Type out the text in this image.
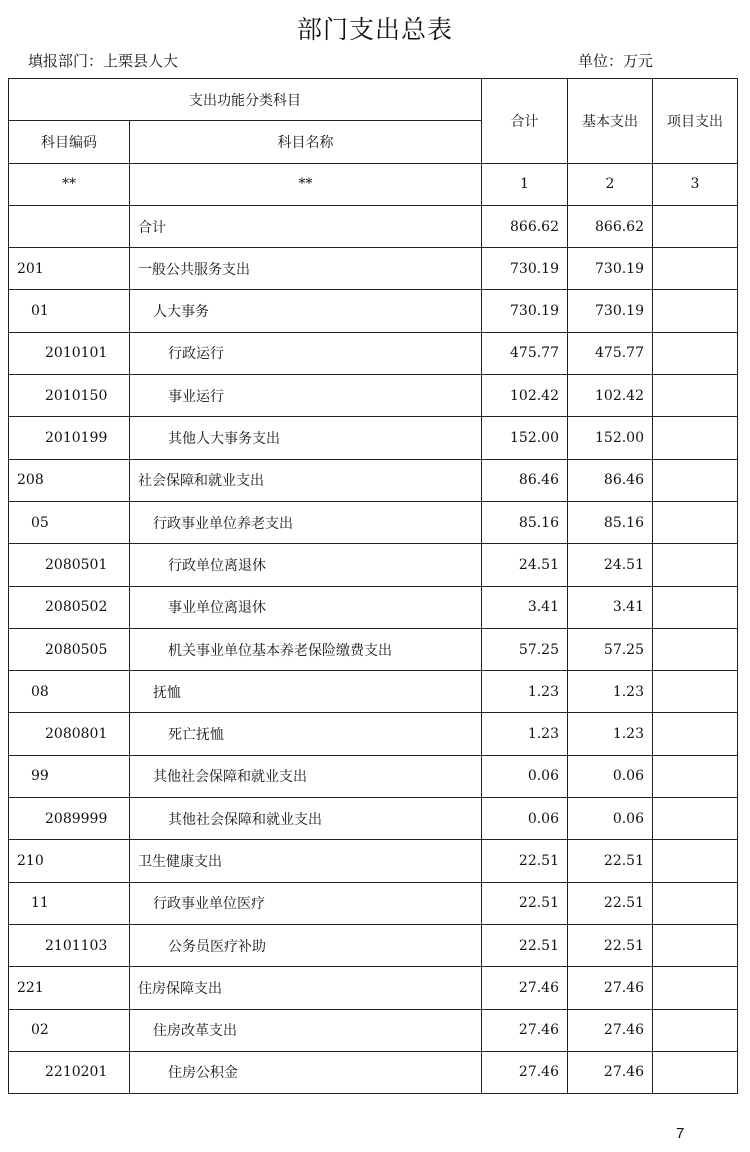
部门支出总表
填报部门：上栗县人大	单位：万元
支出功能分类科目		合计	基本支出	项目支出
科目编码	科目名称			
**	**	1	2	3
	合计	866.62	866.62	
201	一般公共服务支出	730.19	730.19	
01	人大事务	730.19	730.19	
2010101	行政运行	475.77	475.77	
2010150	事业运行	102.42	102.42	
2010199	其他人大事务支出	152.00	152.00	
208	社会保障和就业支出	86.46	86.46	
05	行政事业单位养老支出	85.16	85.16	
2080501	行政单位离退休	24.51	24.51	
2080502	事业单位离退休	3.41	3.41	
2080505	机关事业单位基本养老保险缴费支出	57.25	57.25	
08	抚恤	1.23	1.23	
2080801	死亡抚恤	1.23	1.23	
99	其他社会保障和就业支出	0.06	0.06	
2089999	其他社会保障和就业支出	0.06	0.06	
210	卫生健康支出	22.51	22.51	
11	行政事业单位医疗	22.51	22.51	
2101103	公务员医疗补助	22.51	22.51	
221	住房保障支出	27.46	27.46	
02	住房改革支出	27.46	27.46	
2210201	住房公积金	27.46	27.46	
7
